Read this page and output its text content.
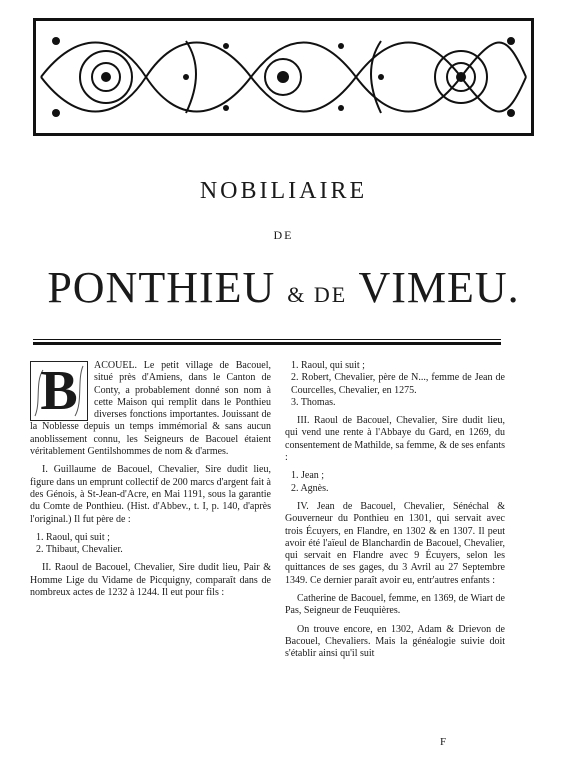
NOBILIAIRE
DE
PONTHIEU & DE VIMEU.
B	ACOUEL. Le petit village de Bacouel, situé près d'Amiens, dans le Canton de Conty, a probablement donné son nom à cette Maison qui remplit dans le Ponthieu diverses fonctions importantes. Jouissant de la Noblesse depuis un temps immémorial & sans aucun anoblissement connu, les Seigneurs de Bacouel étaient véritablement Gentilshommes de nom & d'armes.

I. Guillaume de Bacouel, Chevalier, Sire dudit lieu, figure dans un emprunt collectif de 200 marcs d'argent fait à des Génois, à St-Jean-d'Acre, en Mai 1191, sous la garantie du Comte de Ponthieu. (Hist. d'Abbev., t. I, p. 140, d'après l'original.) Il fut père de :

1. Raoul, qui suit ;
2. Thibaut, Chevalier.

II. Raoul de Bacouel, Chevalier, Sire dudit lieu, Pair & Homme Lige du Vidame de Picquigny, comparaît dans de nombreux actes de 1232 à 1244. Il eut pour fils :

1. Raoul, qui suit ;
2. Robert, Chevalier, père de N..., femme de Jean de Courcelles, Chevalier, en 1275.
3. Thomas.

III. Raoul de Bacouel, Chevalier, Sire dudit lieu, qui vend une rente à l'Abbaye du Gard, en 1269, du consentement de Mathilde, sa femme, & de ses enfants :

1. Jean ;
2. Agnès.

IV. Jean de Bacouel, Chevalier, Sénéchal & Gouverneur du Ponthieu en 1301, qui servait avec trois Écuyers, en Flandre, en 1302 & en 1307. Il peut avoir été l'aïeul de Blanchardin de Bacouel, Chevalier, qui servait en Flandre avec 9 Écuyers, selon les quittances de ses gages, du 3 Avril au 27 Septembre 1349. Ce dernier paraît avoir eu, entr'autres enfants :

Catherine de Bacouel, femme, en 1369, de Wiart de Pas, Seigneur de Feuquières.

On trouve encore, en 1302, Adam & Drievon de Bacouel, Chevaliers. Mais la généalogie suivie doit s'établir ainsi qu'il suit

F
